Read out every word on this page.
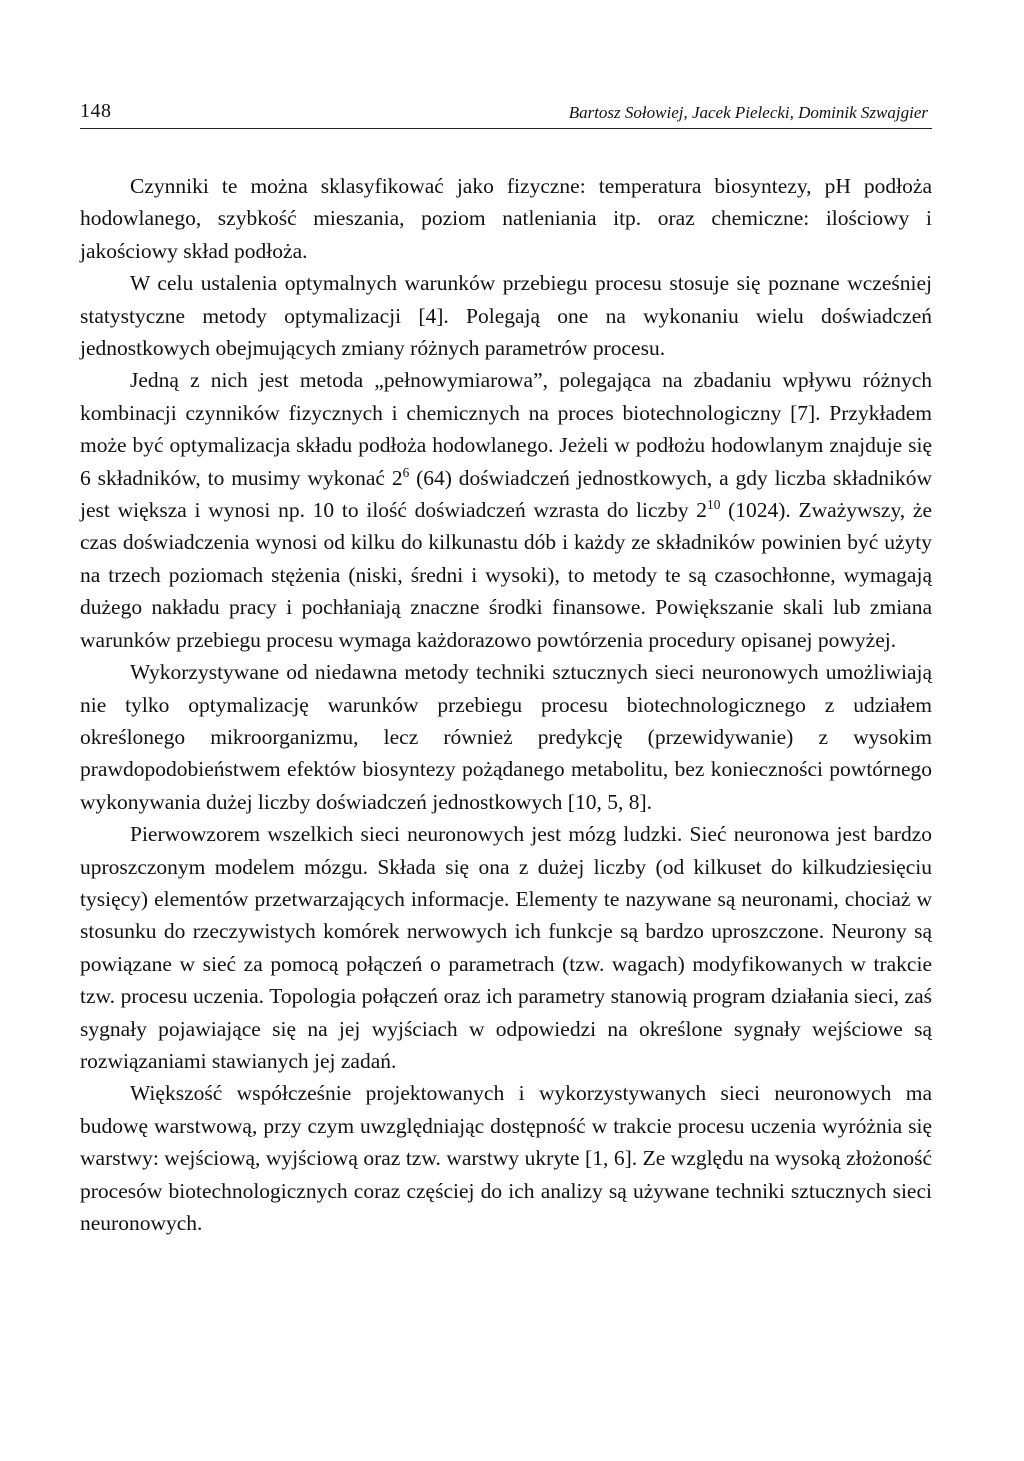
148	Bartosz Sołowiej, Jacek Pielecki, Dominik Szwajgier

Czynniki te można sklasyfikować jako fizyczne: temperatura biosyntezy, pH podłoża hodowlanego, szybkość mieszania, poziom natleniania itp. oraz chemiczne: ilościowy i jakościowy skład podłoża.

W celu ustalenia optymalnych warunków przebiegu procesu stosuje się poznane wcześniej statystyczne metody optymalizacji [4]. Polegają one na wykonaniu wielu doświadczeń jednostkowych obejmujących zmiany różnych parametrów procesu.

Jedną z nich jest metoda „pełnowymiarowa”, polegająca na zbadaniu wpływu różnych kombinacji czynników fizycznych i chemicznych na proces biotechnologiczny [7]. Przykładem może być optymalizacja składu podłoża hodowlanego. Jeżeli w podłożu hodowlanym znajduje się 6 składników, to musimy wykonać $2^6$ (64) doświadczeń jednostkowych, a gdy liczba składników jest większa i wynosi np. 10 to ilość doświadczeń wzrasta do liczby $2^{10}$ (1024). Zważywszy, że czas doświadczenia wynosi od kilku do kilkunastu dób i każdy ze składników powinien być użyty na trzech poziomach stężenia (niski, średni i wysoki), to metody te są czasochłonne, wymagają dużego nakładu pracy i pochłaniają znaczne środki finansowe. Powiększanie skali lub zmiana warunków przebiegu procesu wymaga każdorazowo powtórzenia procedury opisanej powyżej.

Wykorzystywane od niedawna metody techniki sztucznych sieci neuronowych umożliwiają nie tylko optymalizację warunków przebiegu procesu biotechnologicznego z udziałem określonego mikroorganizmu, lecz również predykcję (przewidywanie) z wysokim prawdopodobieństwem efektów biosyntezy pożądanego metabolitu, bez konieczności powtórnego wykonywania dużej liczby doświadczeń jednostkowych [10, 5, 8].

Pierwowzorem wszelkich sieci neuronowych jest mózg ludzki. Sieć neuronowa jest bardzo uproszczonym modelem mózgu. Składa się ona z dużej liczby (od kilkuset do kilkudziesięciu tysięcy) elementów przetwarzających informacje. Elementy te nazywane są neuronami, chociaż w stosunku do rzeczywistych komórek nerwowych ich funkcje są bardzo uproszczone. Neurony są powiązane w sieć za pomocą połączeń o parametrach (tzw. wagach) modyfikowanych w trakcie tzw. procesu uczenia. Topologia połączeń oraz ich parametry stanowią program działania sieci, zaś sygnały pojawiające się na jej wyjściach w odpowiedzi na określone sygnały wejściowe są rozwiązaniami stawianych jej zadań.

Większość współcześnie projektowanych i wykorzystywanych sieci neuronowych ma budowę warstwową, przy czym uwzględniając dostępność w trakcie procesu uczenia wyróżnia się warstwy: wejściową, wyjściową oraz tzw. warstwy ukryte [1, 6]. Ze względu na wysoką złożoność procesów biotechnologicznych coraz częściej do ich analizy są używane techniki sztucznych sieci neuronowych.
